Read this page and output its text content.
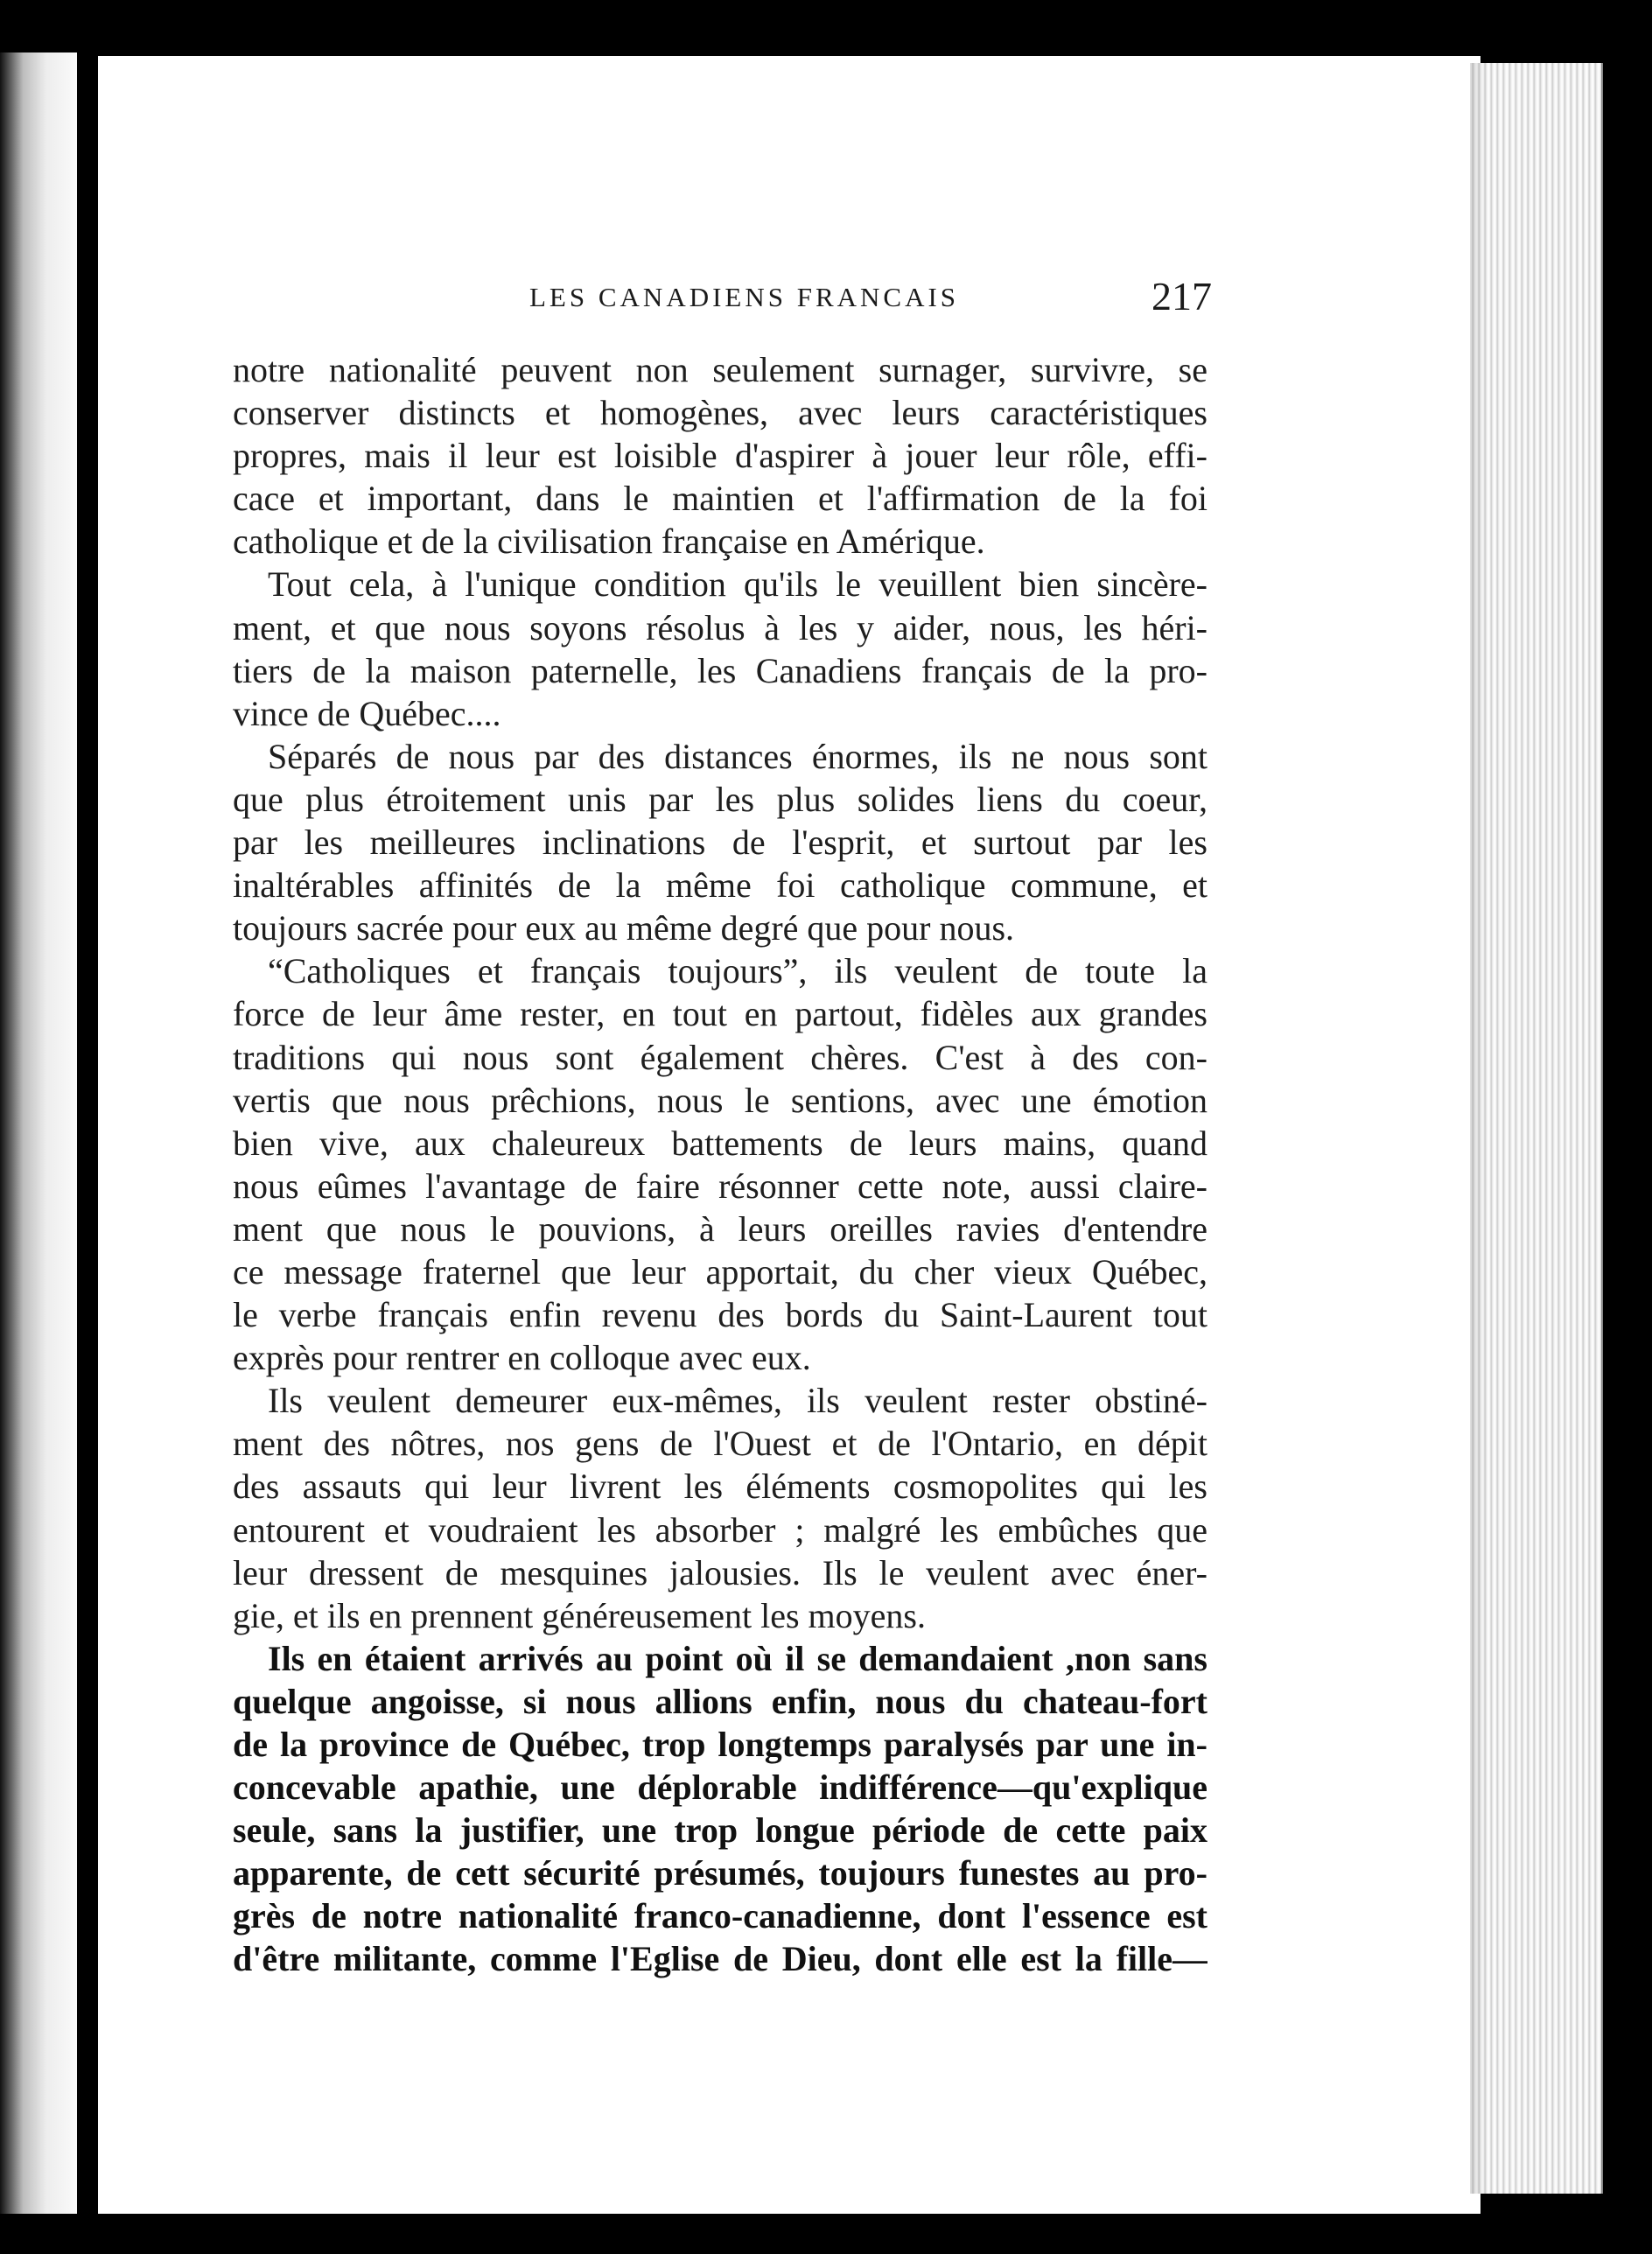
LES CANADIENS FRANCAIS	217
notre nationalité peuvent non seulement surnager, survivre, se
conserver distincts et homogènes, avec leurs caractéristiques
propres, mais il leur est loisible d'aspirer à jouer leur rôle, effi-
cace et important, dans le maintien et l'affirmation de la foi
catholique et de la civilisation française en Amérique.
Tout cela, à l'unique condition qu'ils le veuillent bien sincère-
ment, et que nous soyons résolus à les y aider, nous, les héri-
tiers de la maison paternelle, les Canadiens français de la pro-
vince de Québec....
Séparés de nous par des distances énormes, ils ne nous sont
que plus étroitement unis par les plus solides liens du coeur,
par les meilleures inclinations de l'esprit, et surtout par les
inaltérables affinités de la même foi catholique commune, et
toujours sacrée pour eux au même degré que pour nous.
“Catholiques et français toujours”, ils veulent de toute la
force de leur âme rester, en tout en partout, fidèles aux grandes
traditions qui nous sont également chères. C'est à des con-
vertis que nous prêchions, nous le sentions, avec une émotion
bien vive, aux chaleureux battements de leurs mains, quand
nous eûmes l'avantage de faire résonner cette note, aussi claire-
ment que nous le pouvions, à leurs oreilles ravies d'entendre
ce message fraternel que leur apportait, du cher vieux Québec,
le verbe français enfin revenu des bords du Saint-Laurent tout
exprès pour rentrer en colloque avec eux.
Ils veulent demeurer eux-mêmes, ils veulent rester obstiné-
ment des nôtres, nos gens de l'Ouest et de l'Ontario, en dépit
des assauts qui leur livrent les éléments cosmopolites qui les
entourent et voudraient les absorber ; malgré les embûches que
leur dressent de mesquines jalousies. Ils le veulent avec éner-
gie, et ils en prennent généreusement les moyens.
Ils en étaient arrivés au point où il se demandaient ,non sans
quelque angoisse, si nous allions enfin, nous du chateau-fort
de la province de Québec, trop longtemps paralysés par une in-
concevable apathie, une déplorable indifférence—qu'explique
seule, sans la justifier, une trop longue période de cette paix
apparente, de cett sécurité présumés, toujours funestes au pro-
grès de notre nationalité franco-canadienne, dont l'essence est
d'être militante, comme l'Eglise de Dieu, dont elle est la fille—
